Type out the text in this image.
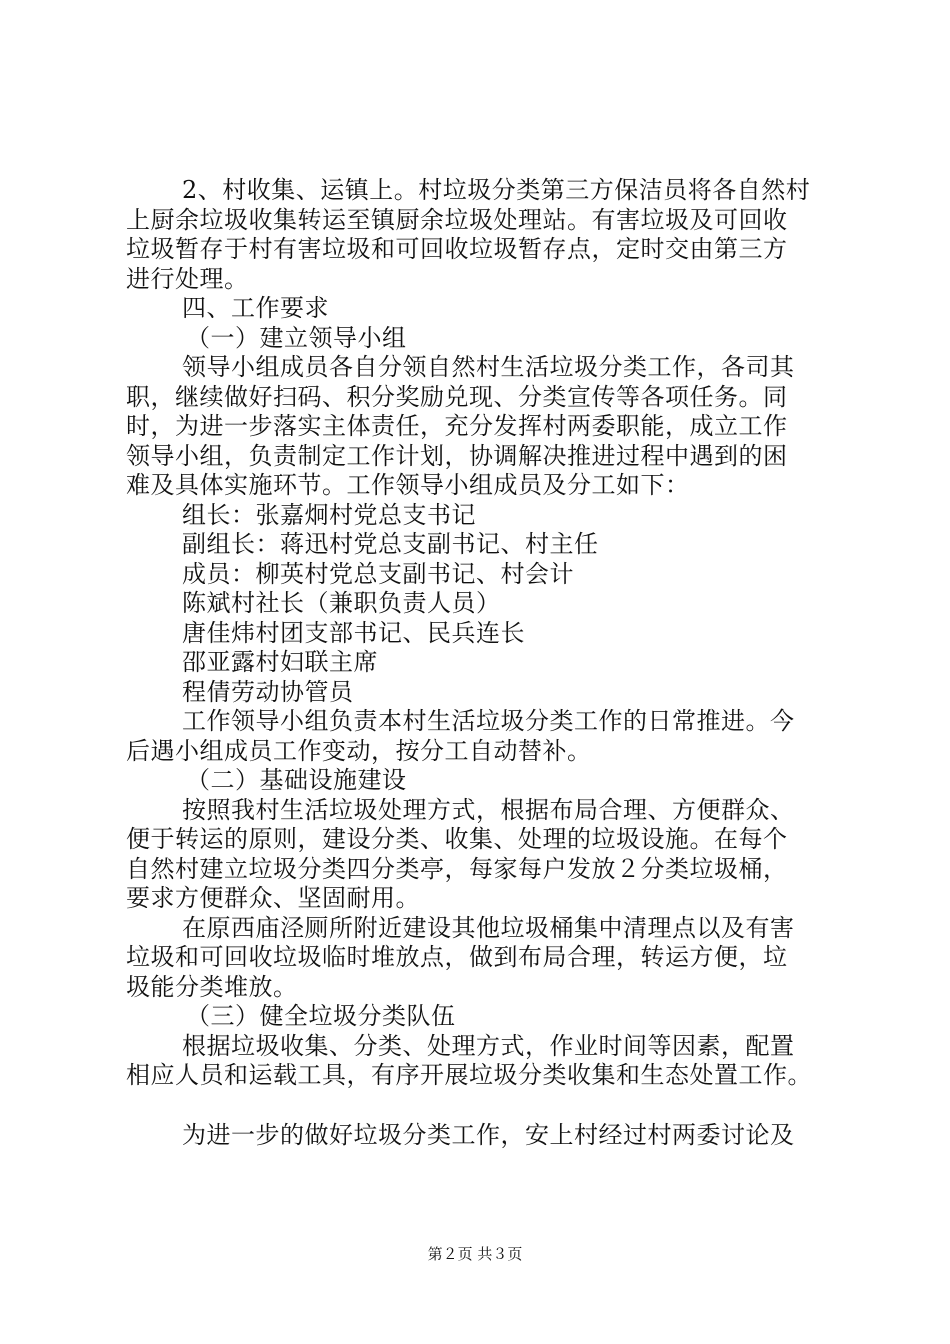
2、村收集、运镇上。村垃圾分类第三方保洁员将各自然村
上厨余垃圾收集转运至镇厨余垃圾处理站。有害垃圾及可回收
垃圾暂存于村有害垃圾和可回收垃圾暂存点，定时交由第三方
进行处理。
四、工作要求
（一）建立领导小组
领导小组成员各自分领自然村生活垃圾分类工作，各司其
职，继续做好扫码、积分奖励兑现、分类宣传等各项任务。同
时，为进一步落实主体责任，充分发挥村两委职能，成立工作
领导小组，负责制定工作计划，协调解决推进过程中遇到的困
难及具体实施环节。工作领导小组成员及分工如下：
组长：张嘉炯村党总支书记
副组长：蒋迅村党总支副书记、村主任
成员：柳英村党总支副书记、村会计
陈斌村社长（兼职负责人员）
唐佳炜村团支部书记、民兵连长
邵亚露村妇联主席
程倩劳动协管员
工作领导小组负责本村生活垃圾分类工作的日常推进。今
后遇小组成员工作变动，按分工自动替补。
（二）基础设施建设
按照我村生活垃圾处理方式，根据布局合理、方便群众、
便于转运的原则，建设分类、收集、处理的垃圾设施。在每个
自然村建立垃圾分类四分类亭，每家每户发放２分类垃圾桶，
要求方便群众、坚固耐用。
在原西庙泾厕所附近建设其他垃圾桶集中清理点以及有害
垃圾和可回收垃圾临时堆放点，做到布局合理，转运方便，垃
圾能分类堆放。
（三）健全垃圾分类队伍
根据垃圾收集、分类、处理方式，作业时间等因素，配置
相应人员和运载工具，有序开展垃圾分类收集和生态处置工作。
为进一步的做好垃圾分类工作，安上村经过村两委讨论及
第２页 共３页
